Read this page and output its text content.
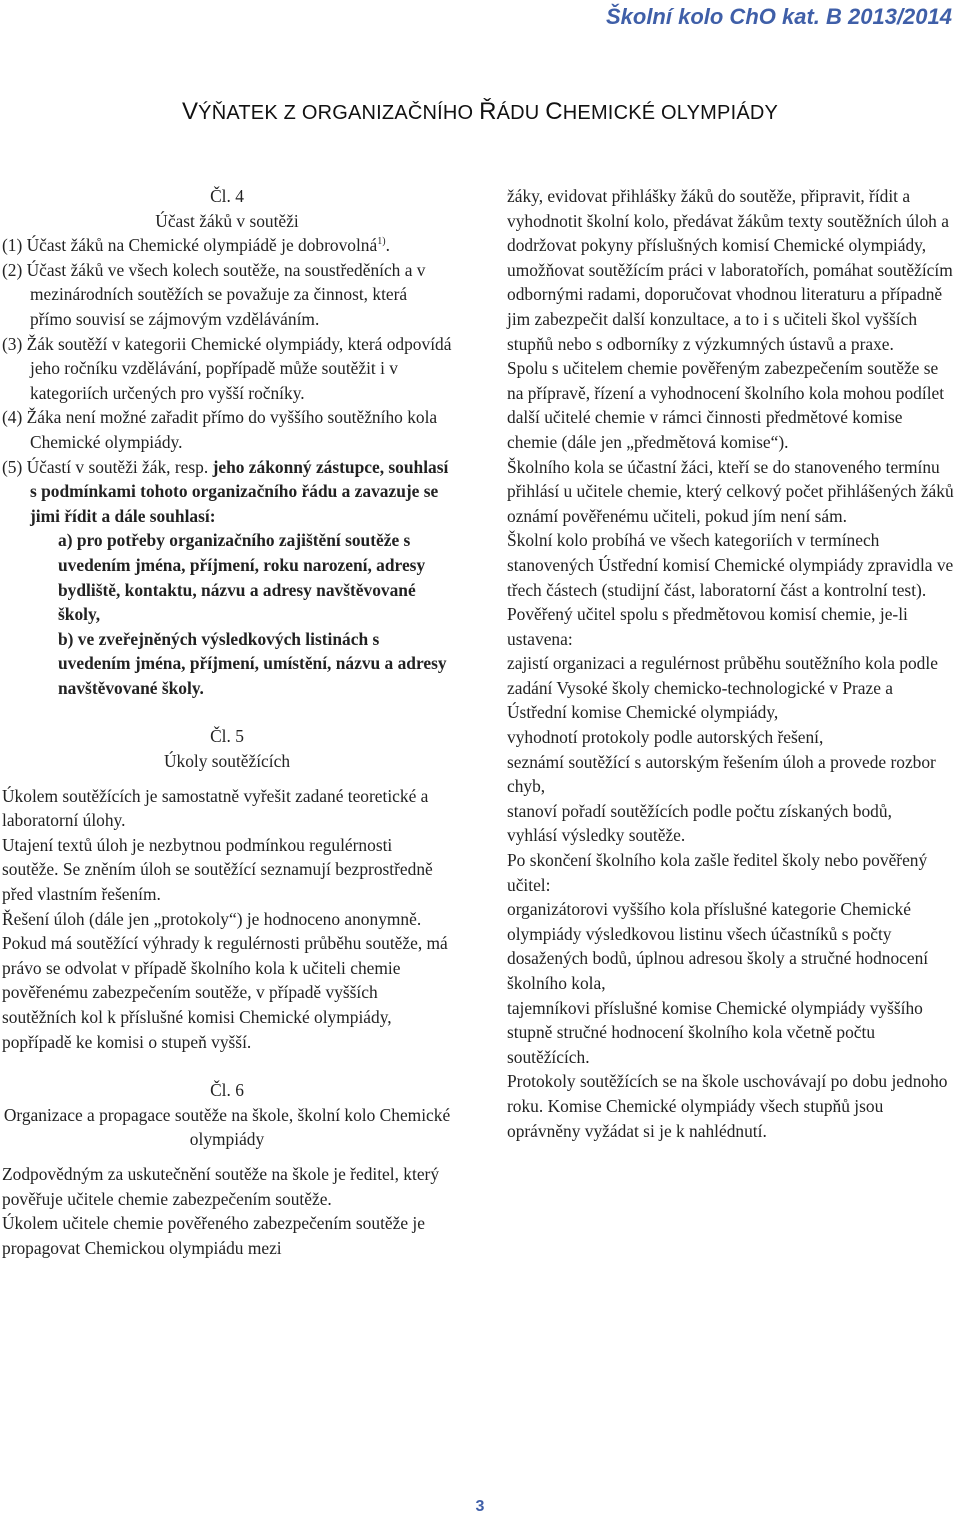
Školní kolo ChO kat. B 2013/2014
VÝŇATEK Z ORGANIZAČNÍHO ŘÁDU CHEMICKÉ OLYMPIÁDY

Čl. 4

Účast žáků v soutěži

(1) Účast žáků na Chemické olympiádě je dobrovolná$^{1)}$.

(2) Účast žáků ve všech kolech soutěže, na soustředěních a v mezinárodních soutěžích se považuje za činnost, která přímo souvisí se zájmovým vzděláváním.

(3) Žák soutěží v kategorii Chemické olympiády, která odpovídá jeho ročníku vzdělávání, popřípadě může soutěžit i v kategoriích určených pro vyšší ročníky.

(4) Žáka není možné zařadit přímo do vyššího soutěžního kola Chemické olympiády.

(5) Účastí v soutěži žák, resp. jeho zákonný zástupce, souhlasí s podmínkami tohoto organizačního řádu a zavazuje se jimi řídit a dále souhlasí:

a) pro potřeby organizačního zajištění soutěže s uvedením jména, příjmení, roku narození, adresy bydliště, kontaktu, názvu a adresy navštěvované školy,

b) ve zveřejněných výsledkových listinách s uvedením jména, příjmení, umístění, názvu a adresy navštěvované školy.

Čl. 5

Úkoly soutěžících

Úkolem soutěžících je samostatně vyřešit zadané teoretické a laboratorní úlohy.

Utajení textů úloh je nezbytnou podmínkou regulérnosti soutěže. Se zněním úloh se soutěžící seznamují bezprostředně před vlastním řešením.

Řešení úloh (dále jen „protokoly“) je hodnoceno anonymně.

Pokud má soutěžící výhrady k regulérnosti průběhu soutěže, má právo se odvolat v případě školního kola k učiteli chemie pověřenému zabezpečením soutěže, v případě vyšších soutěžních kol k příslušné komisi Chemické olympiády, popřípadě ke komisi o stupeň vyšší.

Čl. 6

Organizace a propagace soutěže na škole, školní kolo Chemické olympiády

Zodpovědným za uskutečnění soutěže na škole je ředitel, který pověřuje učitele chemie zabezpečením soutěže.

Úkolem učitele chemie pověřeného zabezpečením soutěže je propagovat Chemickou olympiádu mezi

žáky, evidovat přihlášky žáků do soutěže, připravit, řídit a vyhodnotit školní kolo, předávat žákům texty soutěžních úloh a dodržovat pokyny příslušných komisí Chemické olympiády, umožňovat soutěžícím práci v laboratořích, pomáhat soutěžícím odbornými radami, doporučovat vhodnou literaturu a případně jim zabezpečit další konzultace, a to i s učiteli škol vyšších stupňů nebo s odborníky z výzkumných ústavů a praxe.

Spolu s učitelem chemie pověřeným zabezpečením soutěže se na přípravě, řízení a vyhodnocení školního kola mohou podílet další učitelé chemie v rámci činnosti předmětové komise chemie (dále jen „předmětová komise“).

Školního kola se účastní žáci, kteří se do stanoveného termínu přihlásí u učitele chemie, který celkový počet přihlášených žáků oznámí pověřenému učiteli, pokud jím není sám.

Školní kolo probíhá ve všech kategoriích v termínech stanovených Ústřední komisí Chemické olympiády zpravidla ve třech částech (studijní část, laboratorní část a kontrolní test).

Pověřený učitel spolu s předmětovou komisí chemie, je-li ustavena:

zajistí organizaci a regulérnost průběhu soutěžního kola podle zadání Vysoké školy chemicko-technologické v Praze a Ústřední komise Chemické olympiády,

vyhodnotí protokoly podle autorských řešení,

seznámí soutěžící s autorským řešením úloh a provede rozbor chyb,

stanoví pořadí soutěžících podle počtu získaných bodů,

vyhlásí výsledky soutěže.

Po skončení školního kola zašle ředitel školy nebo pověřený učitel:

organizátorovi vyššího kola příslušné kategorie Chemické olympiády výsledkovou listinu všech účastníků s počty dosažených bodů, úplnou adresou školy a stručné hodnocení školního kola,

tajemníkovi příslušné komise Chemické olympiády vyššího stupně stručné hodnocení školního kola včetně počtu soutěžících.

Protokoly soutěžících se na škole uschovávají po dobu jednoho roku. Komise Chemické olympiády všech stupňů jsou oprávněny vyžádat si je k nahlédnutí.

3
